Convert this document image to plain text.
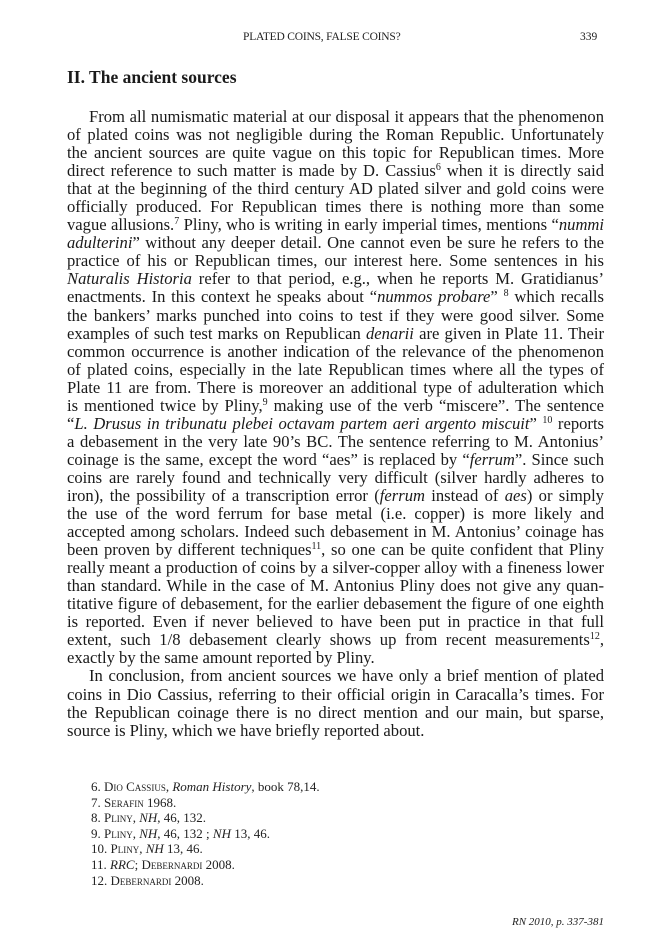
PLATED COINS, FALSE COINS?	339
II. The ancient sources
From all numismatic material at our disposal it appears that the phenomenon
of plated coins was not negligible during the Roman Republic. Unfortunately
the ancient sources are quite vague on this topic for Republican times. More
direct reference to such matter is made by D. Cassius$^6$ when it is directly said
that at the beginning of the third century AD plated silver and gold coins were
officially produced. For Republican times there is nothing more than some
vague allusions.$^7$ Pliny, who is writing in early imperial times, mentions “nummi
adulterini” without any deeper detail. One cannot even be sure he refers to the
practice of his or Republican times, our interest here. Some sentences in his
Naturalis Historia refer to that period, e.g., when he reports M. Gratidianus’
enactments. In this context he speaks about “nummos probare” $^8$ which recalls
the bankers’ marks punched into coins to test if they were good silver. Some
examples of such test marks on Republican denarii are given in Plate 11. Their
common occurrence is another indication of the relevance of the phenomenon
of plated coins, especially in the late Republican times where all the types of
Plate 11 are from. There is moreover an additional type of adulteration which
is mentioned twice by Pliny,$^9$ making use of the verb “miscere”. The sentence
“L. Drusus in tribunatu plebei octavam partem aeri argento miscuit” $^{10}$ reports
a debasement in the very late 90’s BC. The sentence referring to M. Antonius’
coinage is the same, except the word “aes” is replaced by “ferrum”. Since such
coins are rarely found and technically very difficult (silver hardly adheres to
iron), the possibility of a transcription error (ferrum instead of aes) or simply
the use of the word ferrum for base metal (i.e. copper) is more likely and
accepted among scholars. Indeed such debasement in M. Antonius’ coinage has
been proven by different techniques$^{11}$, so one can be quite confident that Pliny
really meant a production of coins by a silver-copper alloy with a fineness lower
than standard. While in the case of M. Antonius Pliny does not give any quan-
titative figure of debasement, for the earlier debasement the figure of one eighth
is reported. Even if never believed to have been put in practice in that full
extent, such 1/8 debasement clearly shows up from recent measurements$^{12}$,
exactly by the same amount reported by Pliny.
In conclusion, from ancient sources we have only a brief mention of plated
coins in Dio Cassius, referring to their official origin in Caracalla’s times. For
the Republican coinage there is no direct mention and our main, but sparse,
source is Pliny, which we have briefly reported about.
6. Dio Cassius, Roman History, book 78,14.
7. Serafin 1968.
8. Pliny, NH, 46, 132.
9. Pliny, NH, 46, 132 ; NH 13, 46.
10. Pliny, NH 13, 46.
11. RRC; Debernardi 2008.
12. Debernardi 2008.
RN 2010, p. 337-381
